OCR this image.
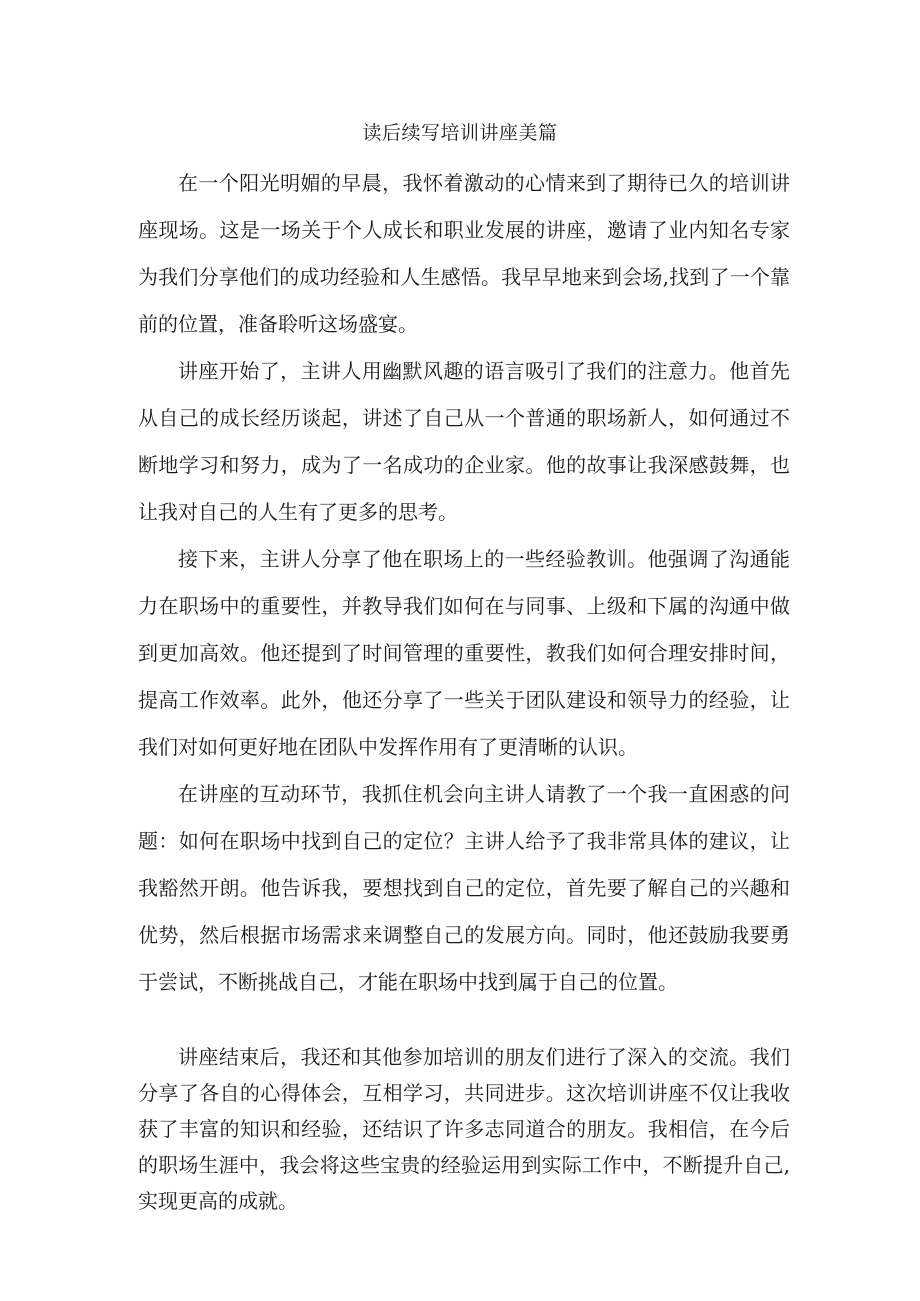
读后续写培训讲座美篇

在一个阳光明媚的早晨，我怀着激动的心情来到了期待已久的培训讲座现场。这是一场关于个人成长和职业发展的讲座，邀请了业内知名专家为我们分享他们的成功经验和人生感悟。我早早地来到会场,找到了一个靠前的位置，准备聆听这场盛宴。

讲座开始了，主讲人用幽默风趣的语言吸引了我们的注意力。他首先从自己的成长经历谈起，讲述了自己从一个普通的职场新人，如何通过不断地学习和努力，成为了一名成功的企业家。他的故事让我深感鼓舞，也让我对自己的人生有了更多的思考。

接下来，主讲人分享了他在职场上的一些经验教训。他强调了沟通能力在职场中的重要性，并教导我们如何在与同事、上级和下属的沟通中做到更加高效。他还提到了时间管理的重要性，教我们如何合理安排时间，提高工作效率。此外，他还分享了一些关于团队建设和领导力的经验，让我们对如何更好地在团队中发挥作用有了更清晰的认识。

在讲座的互动环节，我抓住机会向主讲人请教了一个我一直困惑的问题：如何在职场中找到自己的定位？主讲人给予了我非常具体的建议，让我豁然开朗。他告诉我，要想找到自己的定位，首先要了解自己的兴趣和优势，然后根据市场需求来调整自己的发展方向。同时，他还鼓励我要勇于尝试，不断挑战自己，才能在职场中找到属于自己的位置。

讲座结束后，我还和其他参加培训的朋友们进行了深入的交流。我们分享了各自的心得体会，互相学习，共同进步。这次培训讲座不仅让我收获了丰富的知识和经验，还结识了许多志同道合的朋友。我相信，在今后的职场生涯中，我会将这些宝贵的经验运用到实际工作中，不断提升自己,实现更高的成就。
